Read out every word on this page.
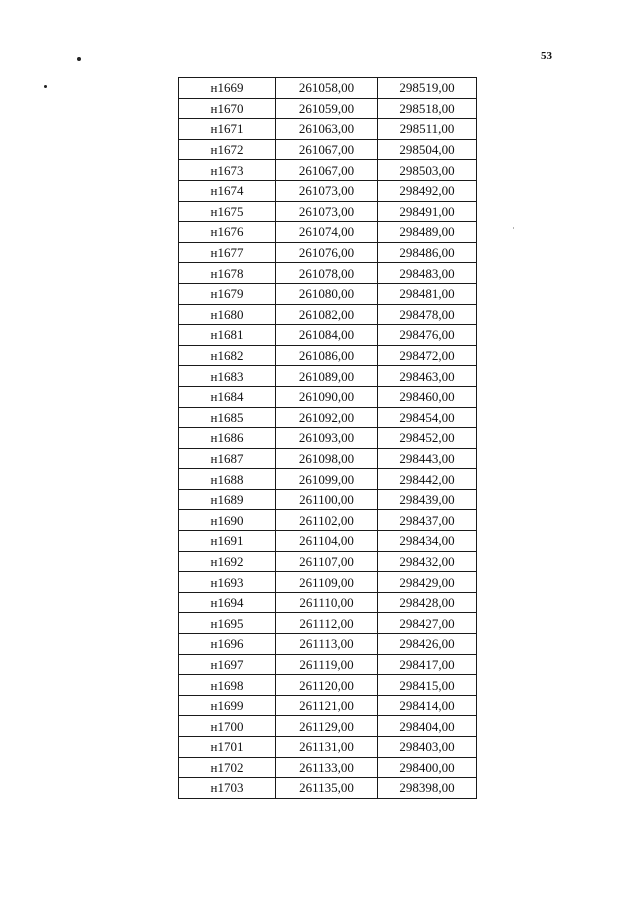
53
н1669	261058,00	298519,00
н1670	261059,00	298518,00
н1671	261063,00	298511,00
н1672	261067,00	298504,00
н1673	261067,00	298503,00
н1674	261073,00	298492,00
н1675	261073,00	298491,00
н1676	261074,00	298489,00
н1677	261076,00	298486,00
н1678	261078,00	298483,00
н1679	261080,00	298481,00
н1680	261082,00	298478,00
н1681	261084,00	298476,00
н1682	261086,00	298472,00
н1683	261089,00	298463,00
н1684	261090,00	298460,00
н1685	261092,00	298454,00
н1686	261093,00	298452,00
н1687	261098,00	298443,00
н1688	261099,00	298442,00
н1689	261100,00	298439,00
н1690	261102,00	298437,00
н1691	261104,00	298434,00
н1692	261107,00	298432,00
н1693	261109,00	298429,00
н1694	261110,00	298428,00
н1695	261112,00	298427,00
н1696	261113,00	298426,00
н1697	261119,00	298417,00
н1698	261120,00	298415,00
н1699	261121,00	298414,00
н1700	261129,00	298404,00
н1701	261131,00	298403,00
н1702	261133,00	298400,00
н1703	261135,00	298398,00
